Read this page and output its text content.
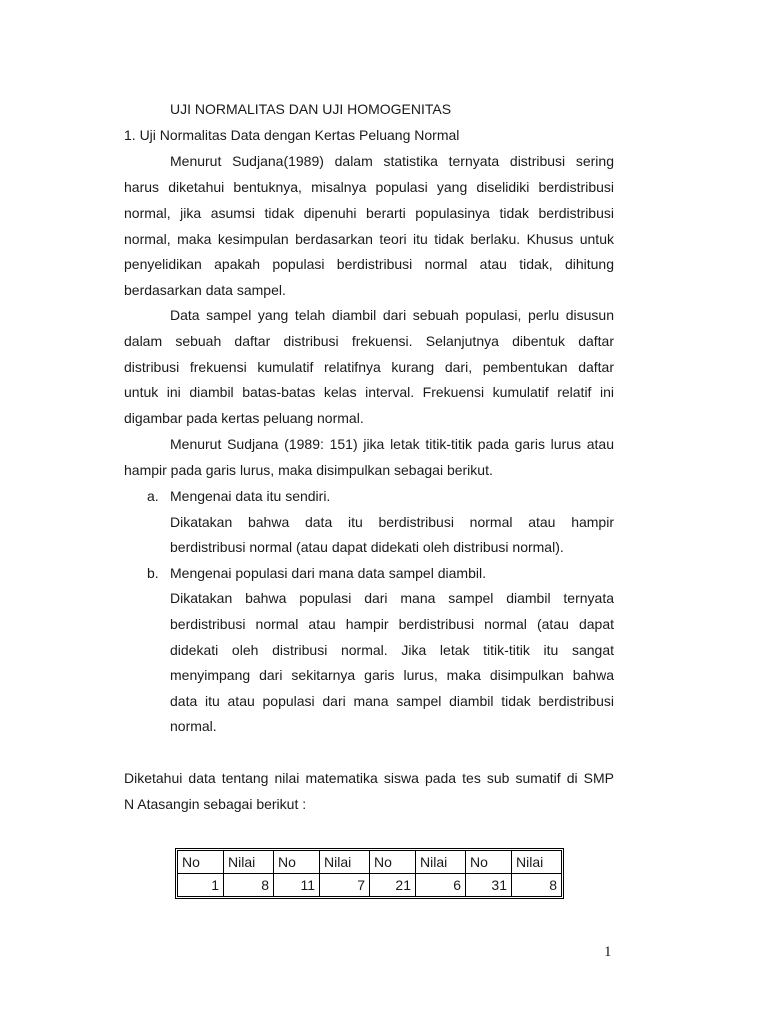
UJI NORMALITAS DAN UJI HOMOGENITAS
1. Uji Normalitas Data dengan Kertas Peluang Normal
Menurut Sudjana(1989) dalam statistika ternyata distribusi sering
harus diketahui bentuknya, misalnya populasi yang diselidiki berdistribusi
normal, jika asumsi tidak dipenuhi berarti populasinya tidak berdistribusi
normal, maka kesimpulan berdasarkan teori itu tidak berlaku. Khusus untuk
penyelidikan apakah populasi berdistribusi normal atau tidak, dihitung
berdasarkan data sampel.
Data sampel yang telah diambil dari sebuah populasi, perlu disusun
dalam sebuah daftar distribusi frekuensi. Selanjutnya dibentuk daftar
distribusi frekuensi kumulatif relatifnya kurang dari, pembentukan daftar
untuk ini diambil batas-batas kelas interval. Frekuensi kumulatif relatif ini
digambar pada kertas peluang normal.
Menurut Sudjana (1989: 151) jika letak titik-titik pada garis lurus atau
hampir pada garis lurus, maka disimpulkan sebagai berikut.
a. Mengenai data itu sendiri.
Dikatakan bahwa data itu berdistribusi normal atau hampir
berdistribusi normal (atau dapat didekati oleh distribusi normal).
b. Mengenai populasi dari mana data sampel diambil.
Dikatakan bahwa populasi dari mana sampel diambil ternyata
berdistribusi normal atau hampir berdistribusi normal (atau dapat
didekati oleh distribusi normal. Jika letak titik-titik itu sangat
menyimpang dari sekitarnya garis lurus, maka disimpulkan bahwa
data itu atau populasi dari mana sampel diambil tidak berdistribusi
normal.
Diketahui data tentang nilai matematika siswa pada tes sub sumatif di SMP
N Atasangin sebagai berikut :
No	Nilai	No	Nilai	No	Nilai	No	Nilai
1	8	11	7	21	6	31	8
1
